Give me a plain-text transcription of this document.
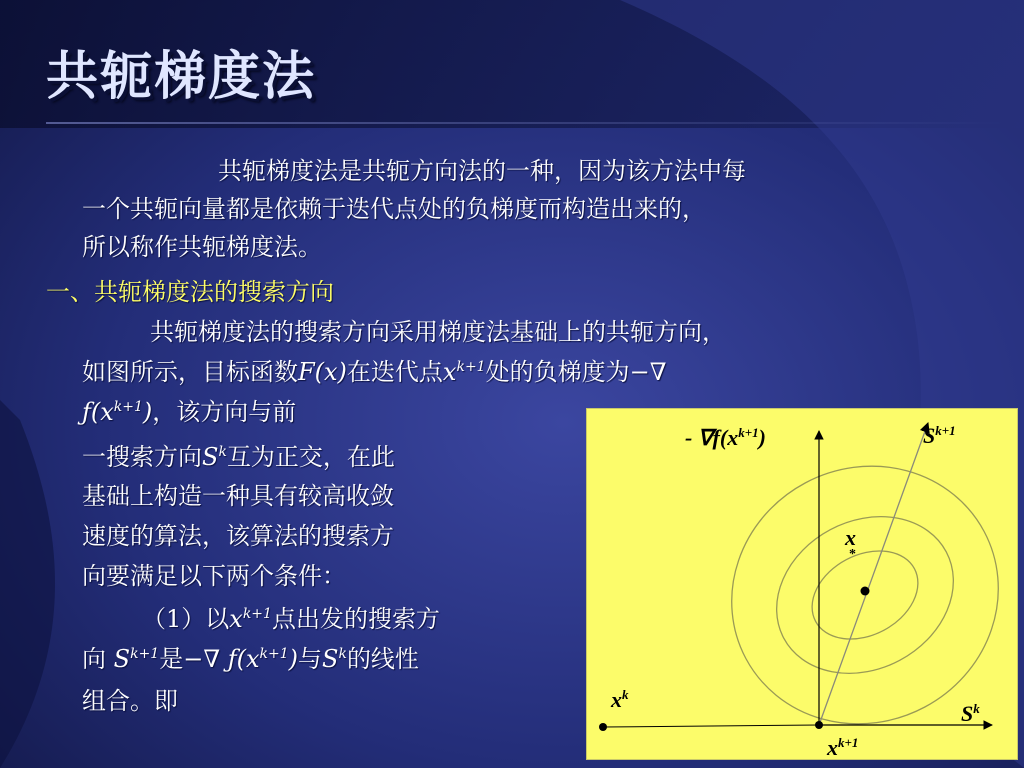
共轭梯度法
共轭梯度法是共轭方向法的一种，因为该方法中每
一个共轭向量都是依赖于迭代点处的负梯度而构造出来的，
所以称作共轭梯度法。
一、共轭梯度法的搜索方向
共轭梯度法的搜索方向采用梯度法基础上的共轭方向，
如图所示，目标函数F(x)在迭代点$x^{k+1}$处的负梯度为−∇
$ƒ(x^{k+1})$，该方向与前
一搜索方向$S^k$互为正交，在此
基础上构造一种具有较高收敛
速度的算法，该算法的搜索方
向要满足以下两个条件：
（1）以$x^{k+1}$点出发的搜索方
向 $S^{k+1}$是−∇ $ƒ(x^{k+1})$与$S^k$的线性
组合。即
- $\nabla f(x^{k+1})$	$S^{k+1}$
x
*
$x^k$
$S^k$
$x^{k+1}$
